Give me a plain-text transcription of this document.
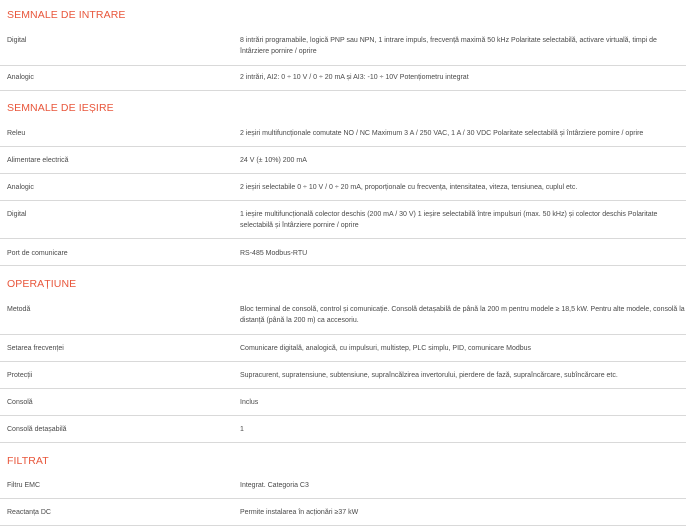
SEMNALE DE INTRARE
Digital	8 intrări programabile, logică PNP sau NPN, 1 intrare impuls, frecvență maximă 50 kHz Polaritate selectabilă, activare virtuală, timpi de întârziere pornire / oprire
Analogic	2 intrări, AI2: 0 ÷ 10 V / 0 ÷ 20 mA și AI3: -10 ÷ 10V Potențiometru integrat
SEMNALE DE IEȘIRE
Releu	2 ieșiri multifuncționale comutate NO / NC Maximum 3 A / 250 VAC, 1 A / 30 VDC Polaritate selectabilă și întârziere pornire / oprire
Alimentare electrică	24 V (± 10%) 200 mA
Analogic	2 ieșiri selectabile 0 ÷ 10 V / 0 ÷ 20 mA, proporționale cu frecvența, intensitatea, viteza, tensiunea, cuplul etc.
Digital	1 ieșire multifuncțională colector deschis (200 mA / 30 V) 1 ieșire selectabilă între impulsuri (max. 50 kHz) și colector deschis Polaritate selectabilă și întârziere pornire / oprire
Port de comunicare	RS-485 Modbus-RTU
OPERAȚIUNE
Metodă	Bloc terminal de consolă, control și comunicație. Consolă detașabilă de până la 200 m pentru modele ≥ 18,5 kW. Pentru alte modele, consolă la distanță (până la 200 m) ca accesoriu.
Setarea frecvenței	Comunicare digitală, analogică, cu impulsuri, multistep, PLC simplu, PID, comunicare Modbus
Protecții	Supracurent, supratensiune, subtensiune, supraîncălzirea invertorului, pierdere de fază, supraîncărcare, subîncărcare etc.
Consolă	Inclus
Consolă detașabilă	1
FILTRAT
Filtru EMC	Integrat. Categoria C3
Reactanța DC	Permite instalarea în acționări ≥37 kW
